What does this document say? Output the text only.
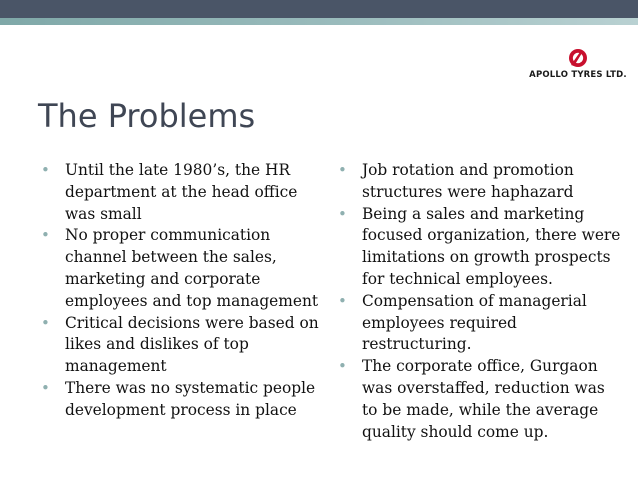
APOLLO TYRES LTD.
The Problems
• Until the late 1980’s, the HR department at the head office was small
• No proper communication channel between the sales, marketing and corporate employees and top management
• Critical decisions were based on likes and dislikes of top management
• There was no systematic people development process in place
• Job rotation and promotion structures were haphazard
• Being a sales and marketing focused organization, there were limitations on growth prospects for technical employees.
• Compensation of managerial employees required restructuring.
• The corporate office, Gurgaon was overstaffed, reduction was to be made, while the average quality should come up.
